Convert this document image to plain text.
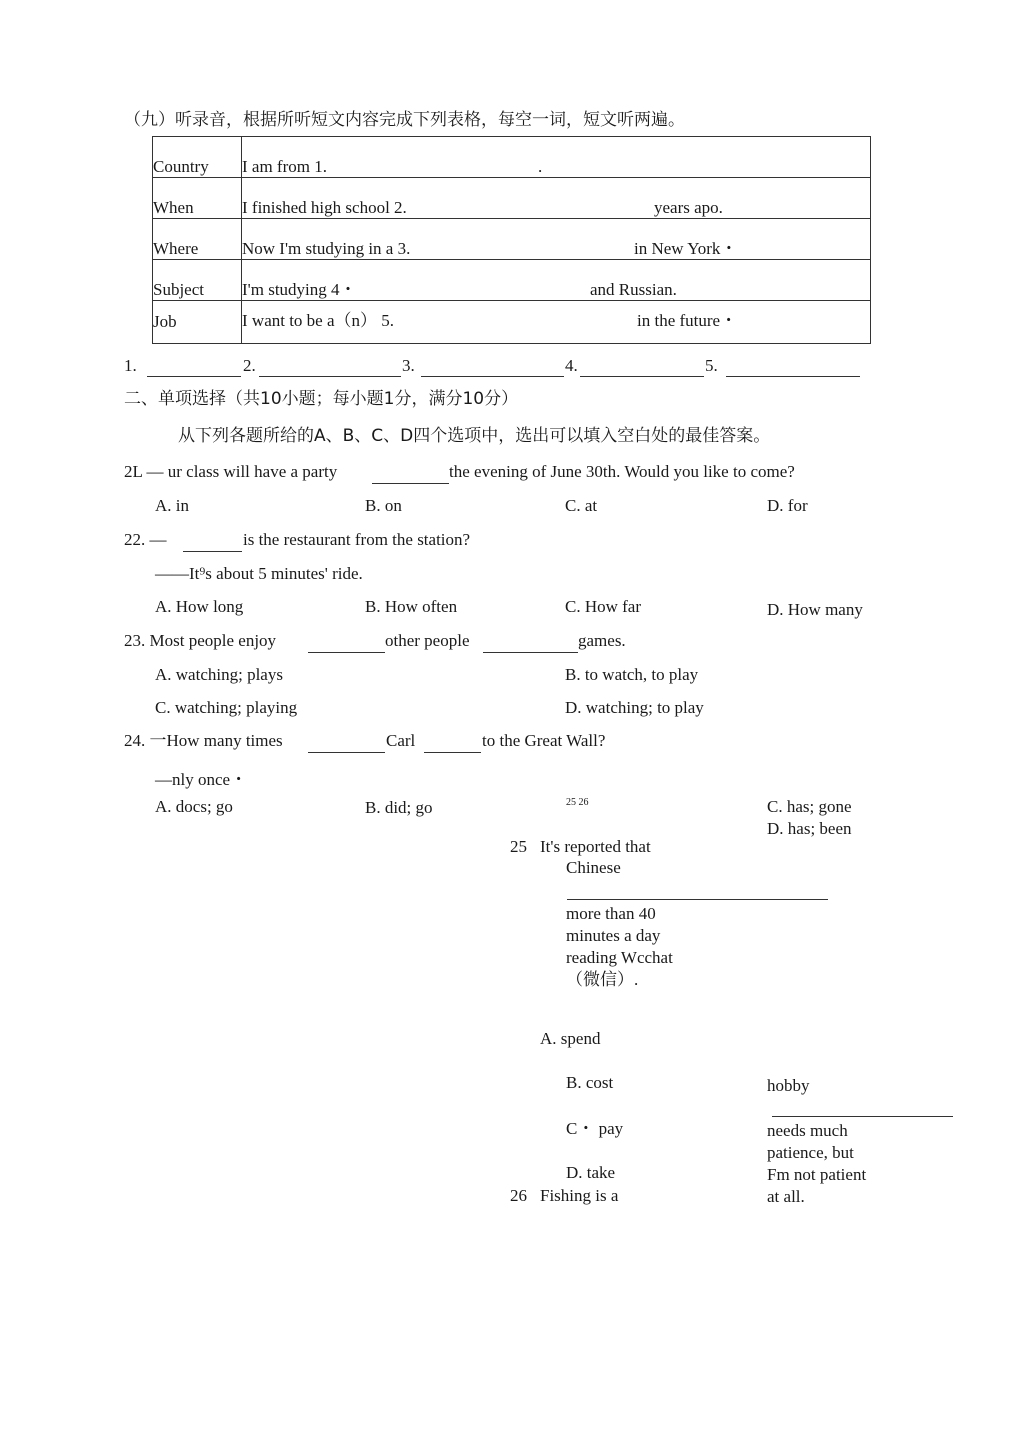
（九）听录音，根据所听短文内容完成下列表格，每空一词，短文听两遍。
Country	I am from 1. .

When	I finished high school 2. years apo.

Where	Now I'm studying in a 3. in New York・

Subject	I'm studying 4・ and Russian.

Job	I want to be a（n） 5. in the future・
1.	2.	3.	4.	5.
二、单项选择（共10小题；每小题1分，满分10分）
从下列各题所给的A、B、C、D四个选项中，选出可以填入空白处的最佳答案。
2L — ur class will have a party	the evening of June 30th. Would you like to come?
A. in	B. on	C. at	D. for
22. —	is the restaurant from the station?
——It⁹s about 5 minutes' ride.
A. How long	B. How often	C. How far	D. How many
23. Most people enjoy	other people	games.
A. watching; plays	B. to watch, to play
C. watching; playing	D. watching; to play
24. 一How many times	Carl	to the Great Wall?
—nly once・
A. docs; go	B. did; go	25 26	C. has; gone
D. has; been
25 It's reported that
Chinese
more than 40 minutes a day reading Wcchat（微信）.
A. spend
B. cost
C・ pay
D. take
26 Fishing is a
hobby
needs much patience, but Fm not patient at all.
